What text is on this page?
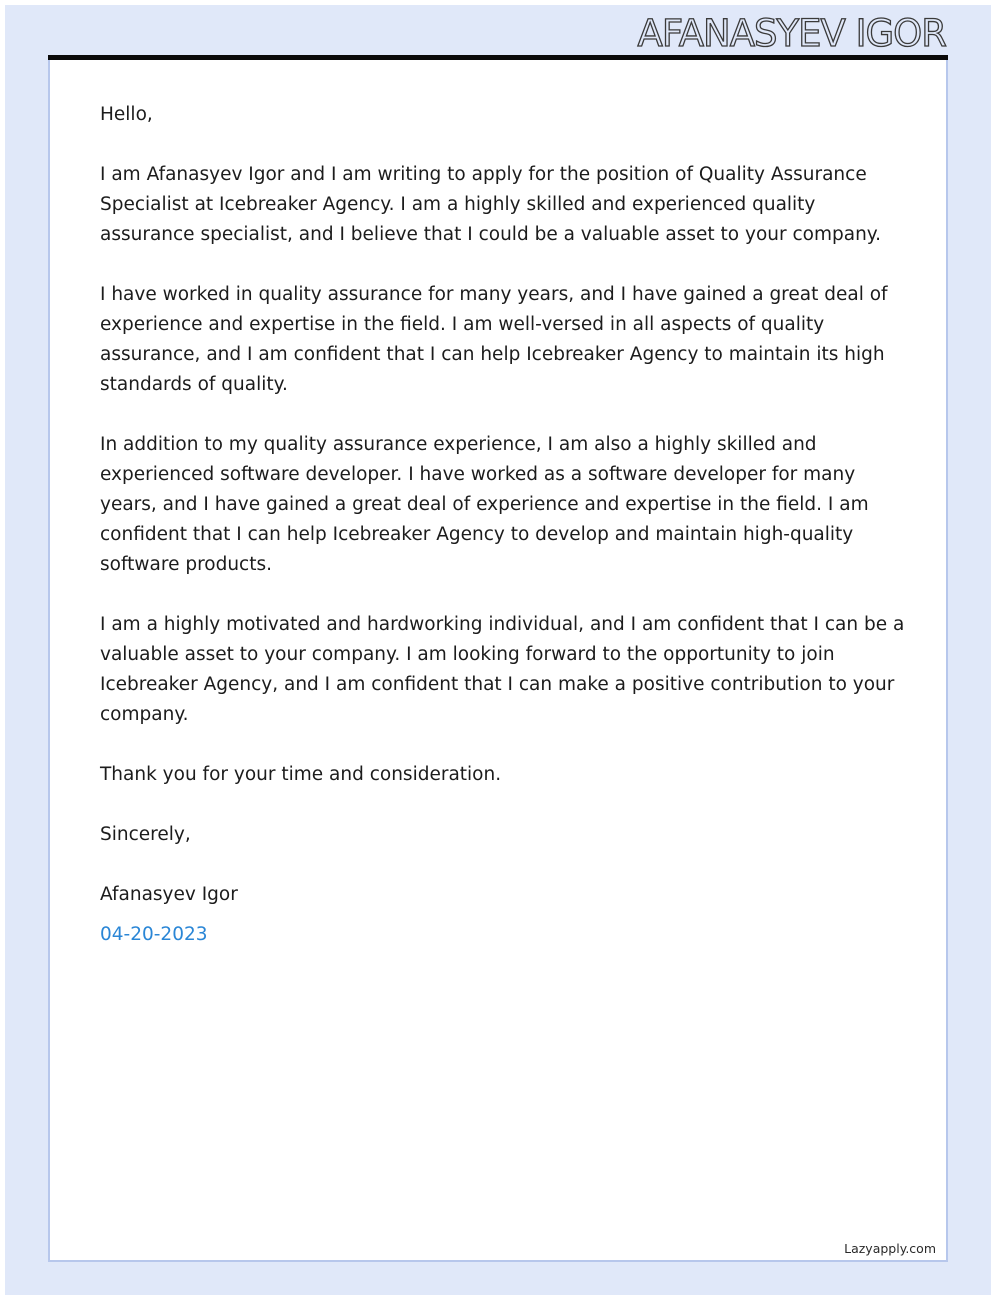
AFANASYEV IGOR

Hello,

I am Afanasyev Igor and I am writing to apply for the position of Quality Assurance Specialist at Icebreaker Agency. I am a highly skilled and experienced quality assurance specialist, and I believe that I could be a valuable asset to your company.

I have worked in quality assurance for many years, and I have gained a great deal of experience and expertise in the field. I am well-versed in all aspects of quality assurance, and I am confident that I can help Icebreaker Agency to maintain its high standards of quality.

In addition to my quality assurance experience, I am also a highly skilled and experienced software developer. I have worked as a software developer for many years, and I have gained a great deal of experience and expertise in the field. I am confident that I can help Icebreaker Agency to develop and maintain high-quality software products.

I am a highly motivated and hardworking individual, and I am confident that I can be a valuable asset to your company. I am looking forward to the opportunity to join Icebreaker Agency, and I am confident that I can make a positive contribution to your company.

Thank you for your time and consideration.

Sincerely,

Afanasyev Igor

04-20-2023

Lazyapply.com
